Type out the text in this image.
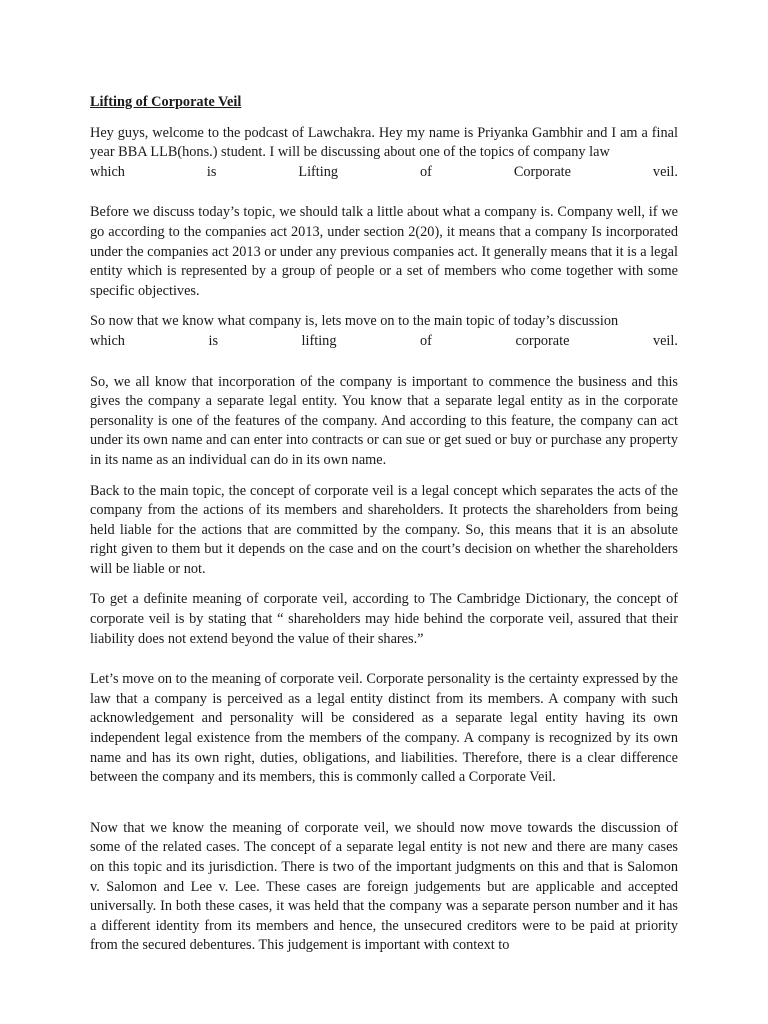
Lifting of Corporate Veil
Hey guys, welcome to the podcast of Lawchakra. Hey my name is Priyanka Gambhir and I am a final year BBA LLB(hons.) student. I will be discussing about one of the topics of company law
which	is	Lifting	of	Corporate	veil.
Before we discuss today’s topic, we should talk a little about what a company is. Company well, if we go according to the companies act 2013, under section 2(20), it means that a company Is incorporated under the companies act 2013 or under any previous companies act. It generally means that it is a legal entity which is represented by a group of people or a set of members who come together with some specific objectives.
So now that we know what company is, lets move on to the main topic of today’s discussion
which	is	lifting	of	corporate	veil.
So, we all know that incorporation of the company is important to commence the business and this gives the company a separate legal entity. You know that a separate legal entity as in the corporate personality is one of the features of the company. And according to this feature, the company can act under its own name and can enter into contracts or can sue or get sued or buy or purchase any property in its name as an individual can do in its own name.
Back to the main topic, the concept of corporate veil is a legal concept which separates the acts of the company from the actions of its members and shareholders. It protects the shareholders from being held liable for the actions that are committed by the company. So, this means that it is an absolute right given to them but it depends on the case and on the court’s decision on whether the shareholders will be liable or not.
To get a definite meaning of corporate veil, according to The Cambridge Dictionary, the concept of corporate veil is by stating that “ shareholders may hide behind the corporate veil, assured that their liability does not extend beyond the value of their shares.”
Let’s move on to the meaning of corporate veil. Corporate personality is the certainty expressed by the law that a company is perceived as a legal entity distinct from its members. A company with such acknowledgement and personality will be considered as a separate legal entity having its own independent legal existence from the members of the company. A company is recognized by its own name and has its own right, duties, obligations, and liabilities. Therefore, there is a clear difference between the company and its members, this is commonly called a Corporate Veil.
Now that we know the meaning of corporate veil, we should now move towards the discussion of some of the related cases. The concept of a separate legal entity is not new and there are many cases on this topic and its jurisdiction. There is two of the important judgments on this and that is Salomon v. Salomon and Lee v. Lee. These cases are foreign judgements but are applicable and accepted universally. In both these cases, it was held that the company was a separate person number and it has a different identity from its members and hence, the unsecured creditors were to be paid at priority from the secured debentures. This judgement is important with context to
